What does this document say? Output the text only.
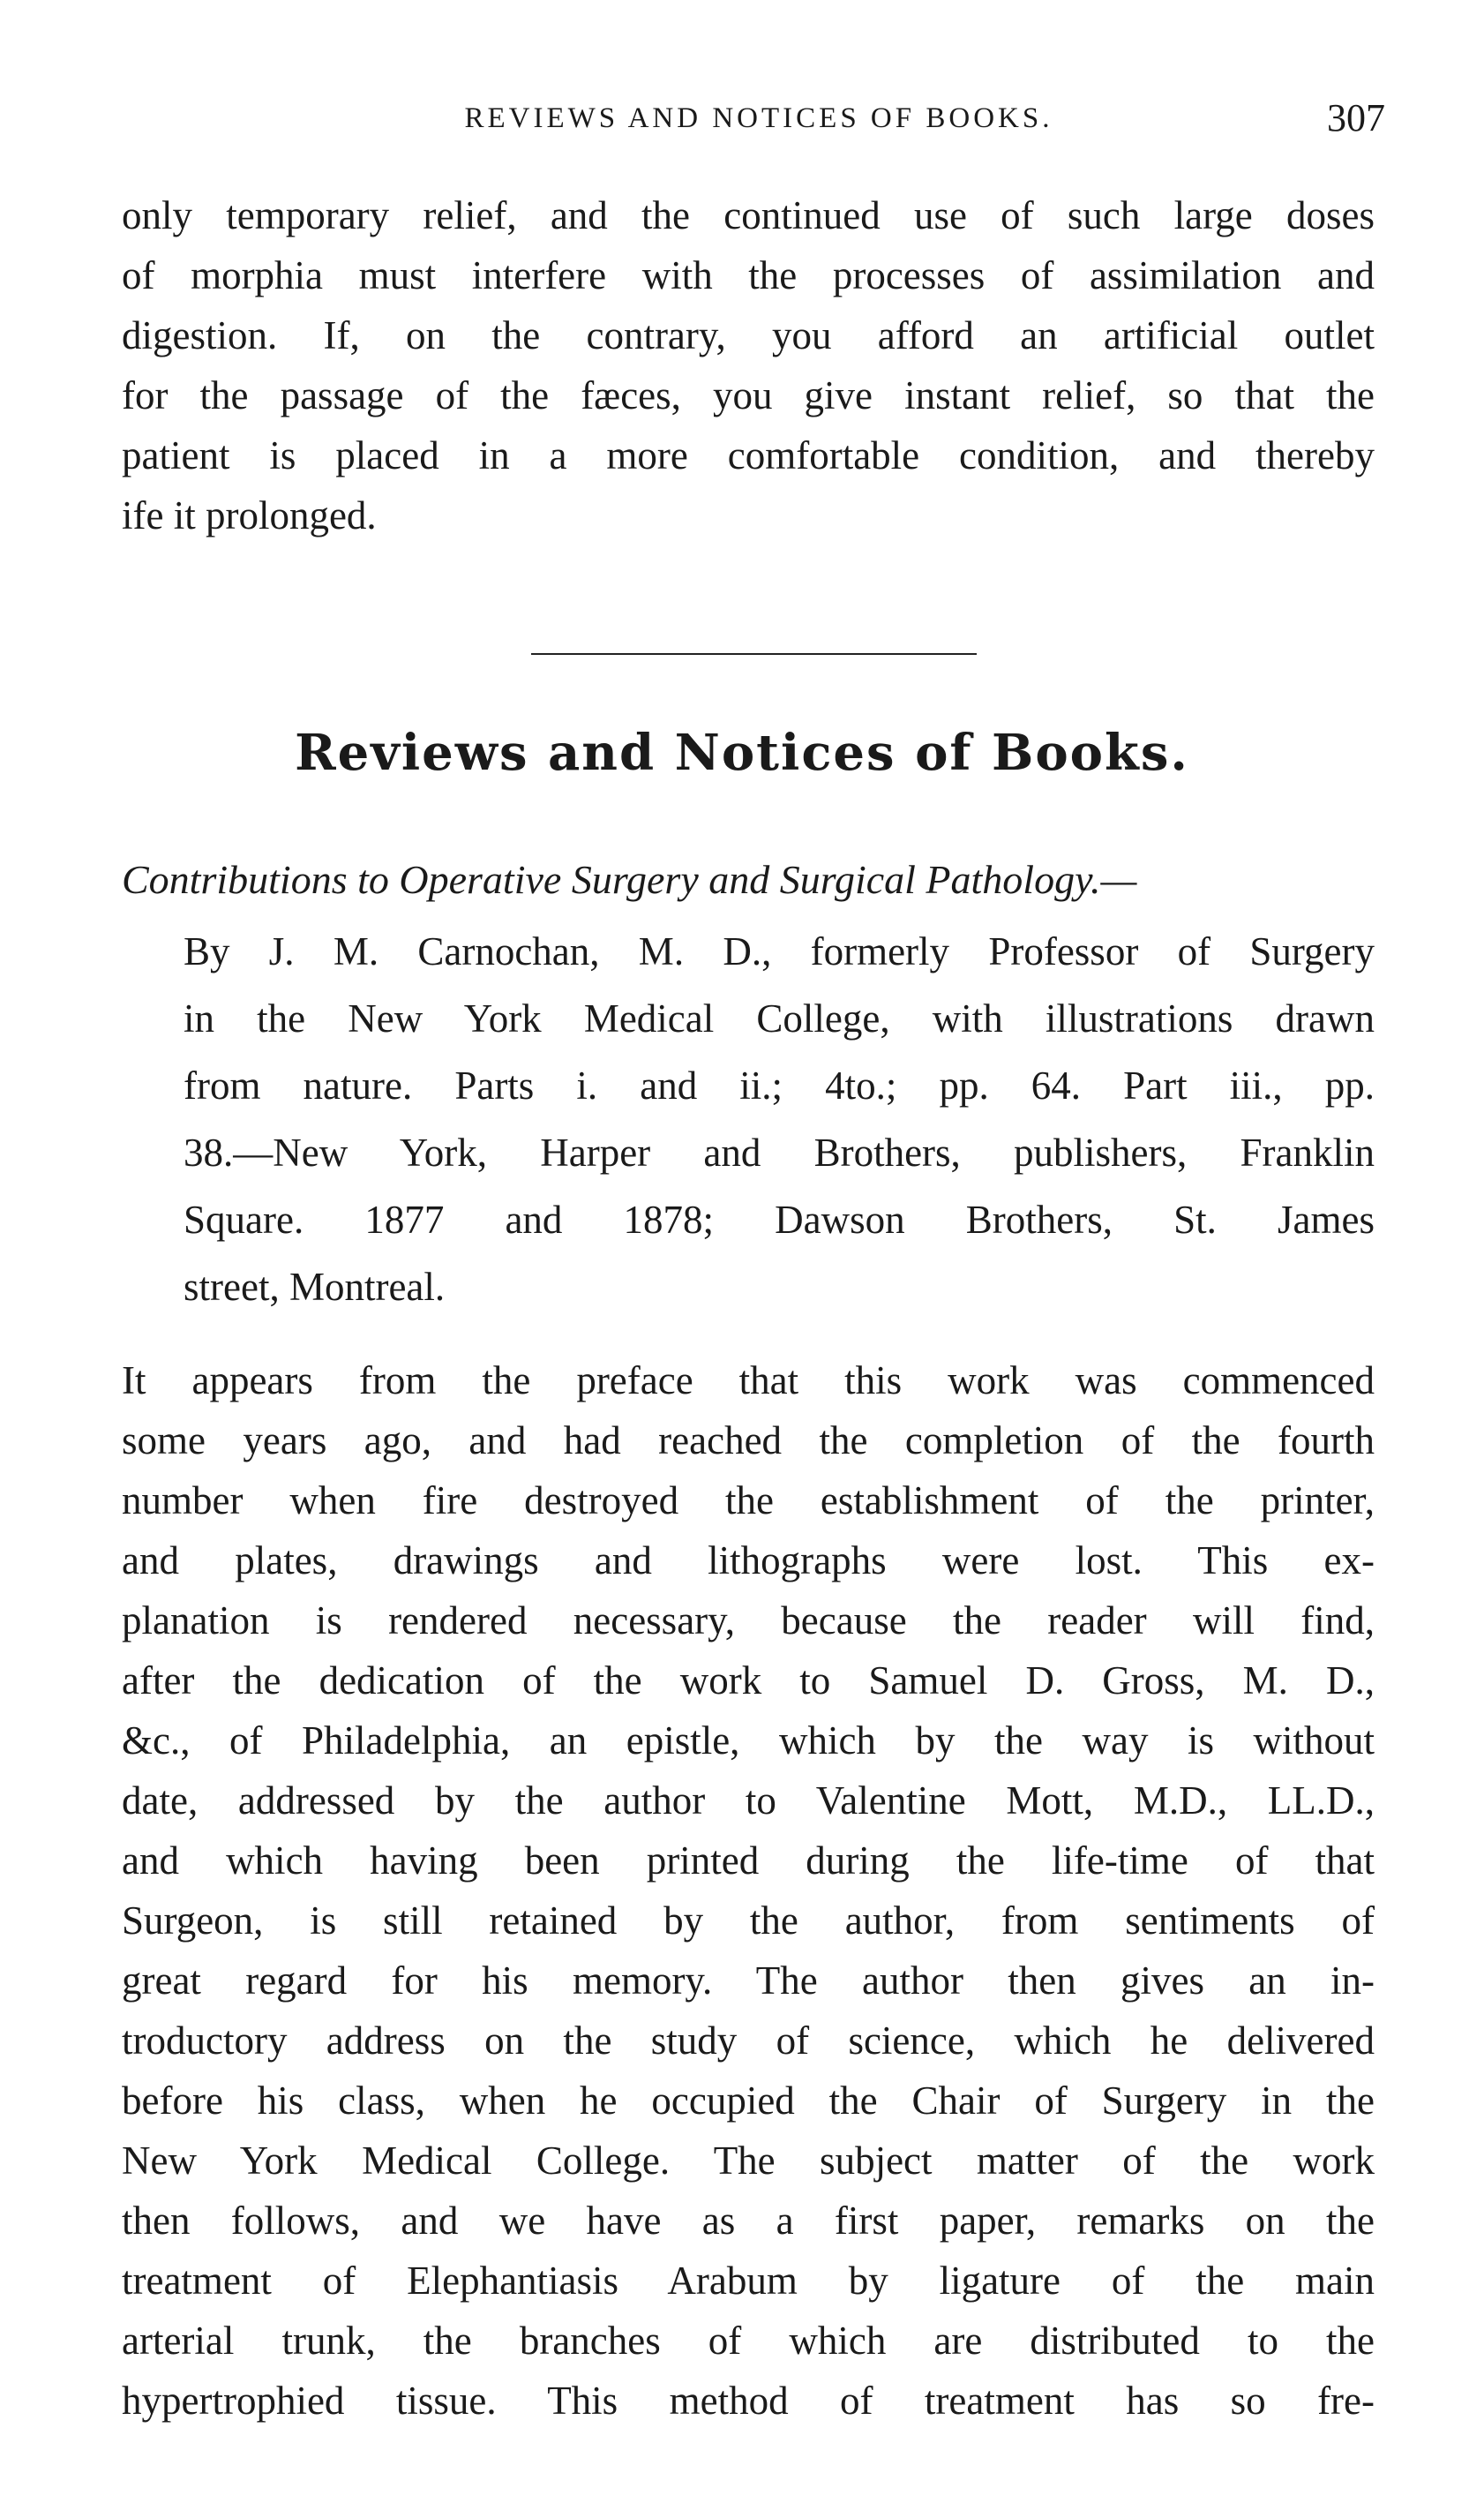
REVIEWS AND NOTICES OF BOOKS.	307

only temporary relief, and the continued use of such large doses
of morphia must interfere with the processes of assimilation and
digestion. If, on the contrary, you afford an artificial outlet
for the passage of the fæces, you give instant relief, so that the
patient is placed in a more comfortable condition, and thereby
ife it prolonged.

Reviews and Notices of Books.
Contributions to Operative Surgery and Surgical Pathology.—

By J. M. Carnochan, M. D., formerly Professor of Surgery
in the New York Medical College, with illustrations drawn
from nature. Parts i. and ii.; 4to.; pp. 64. Part iii., pp.
38.—New York, Harper and Brothers, publishers, Franklin
Square. 1877 and 1878; Dawson Brothers, St. James
street, Montreal.

It appears from the preface that this work was commenced
some years ago, and had reached the completion of the fourth
number when fire destroyed the establishment of the printer,
and plates, drawings and lithographs were lost. This ex-
planation is rendered necessary, because the reader will find,
after the dedication of the work to Samuel D. Gross, M. D.,
&c., of Philadelphia, an epistle, which by the way is without
date, addressed by the author to Valentine Mott, M.D., LL.D.,
and which having been printed during the life-time of that
Surgeon, is still retained by the author, from sentiments of
great regard for his memory. The author then gives an in-
troductory address on the study of science, which he delivered
before his class, when he occupied the Chair of Surgery in the
New York Medical College. The subject matter of the work
then follows, and we have as a first paper, remarks on the
treatment of Elephantiasis Arabum by ligature of the main
arterial trunk, the branches of which are distributed to the
hypertrophied tissue. This method of treatment has so fre-
